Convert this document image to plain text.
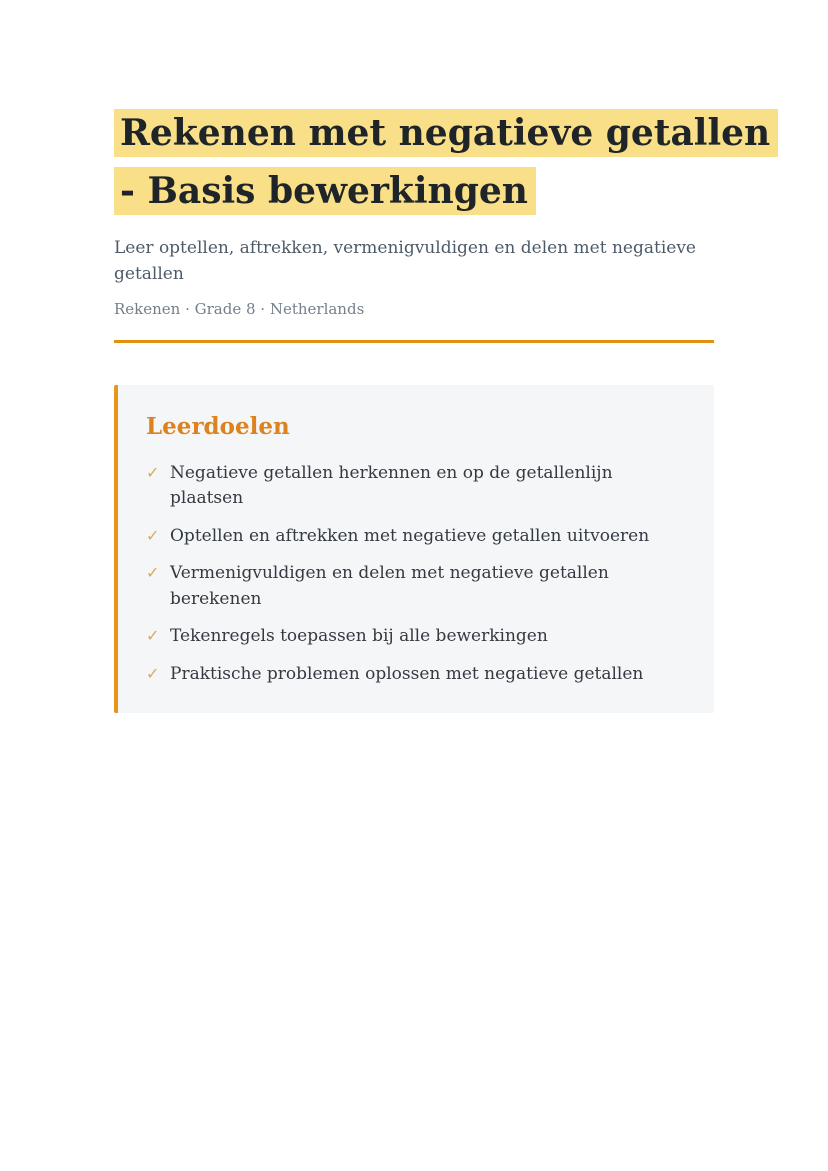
Rekenen met negatieve getallen
- Basis bewerkingen

Leer optellen, aftrekken, vermenigvuldigen en delen met negatieve getallen

Rekenen · Grade 8 · Netherlands

Leerdoelen
✓ Negatieve getallen herkennen en op de getallenlijn plaatsen
✓ Optellen en aftrekken met negatieve getallen uitvoeren
✓ Vermenigvuldigen en delen met negatieve getallen berekenen
✓ Tekenregels toepassen bij alle bewerkingen
✓ Praktische problemen oplossen met negatieve getallen
